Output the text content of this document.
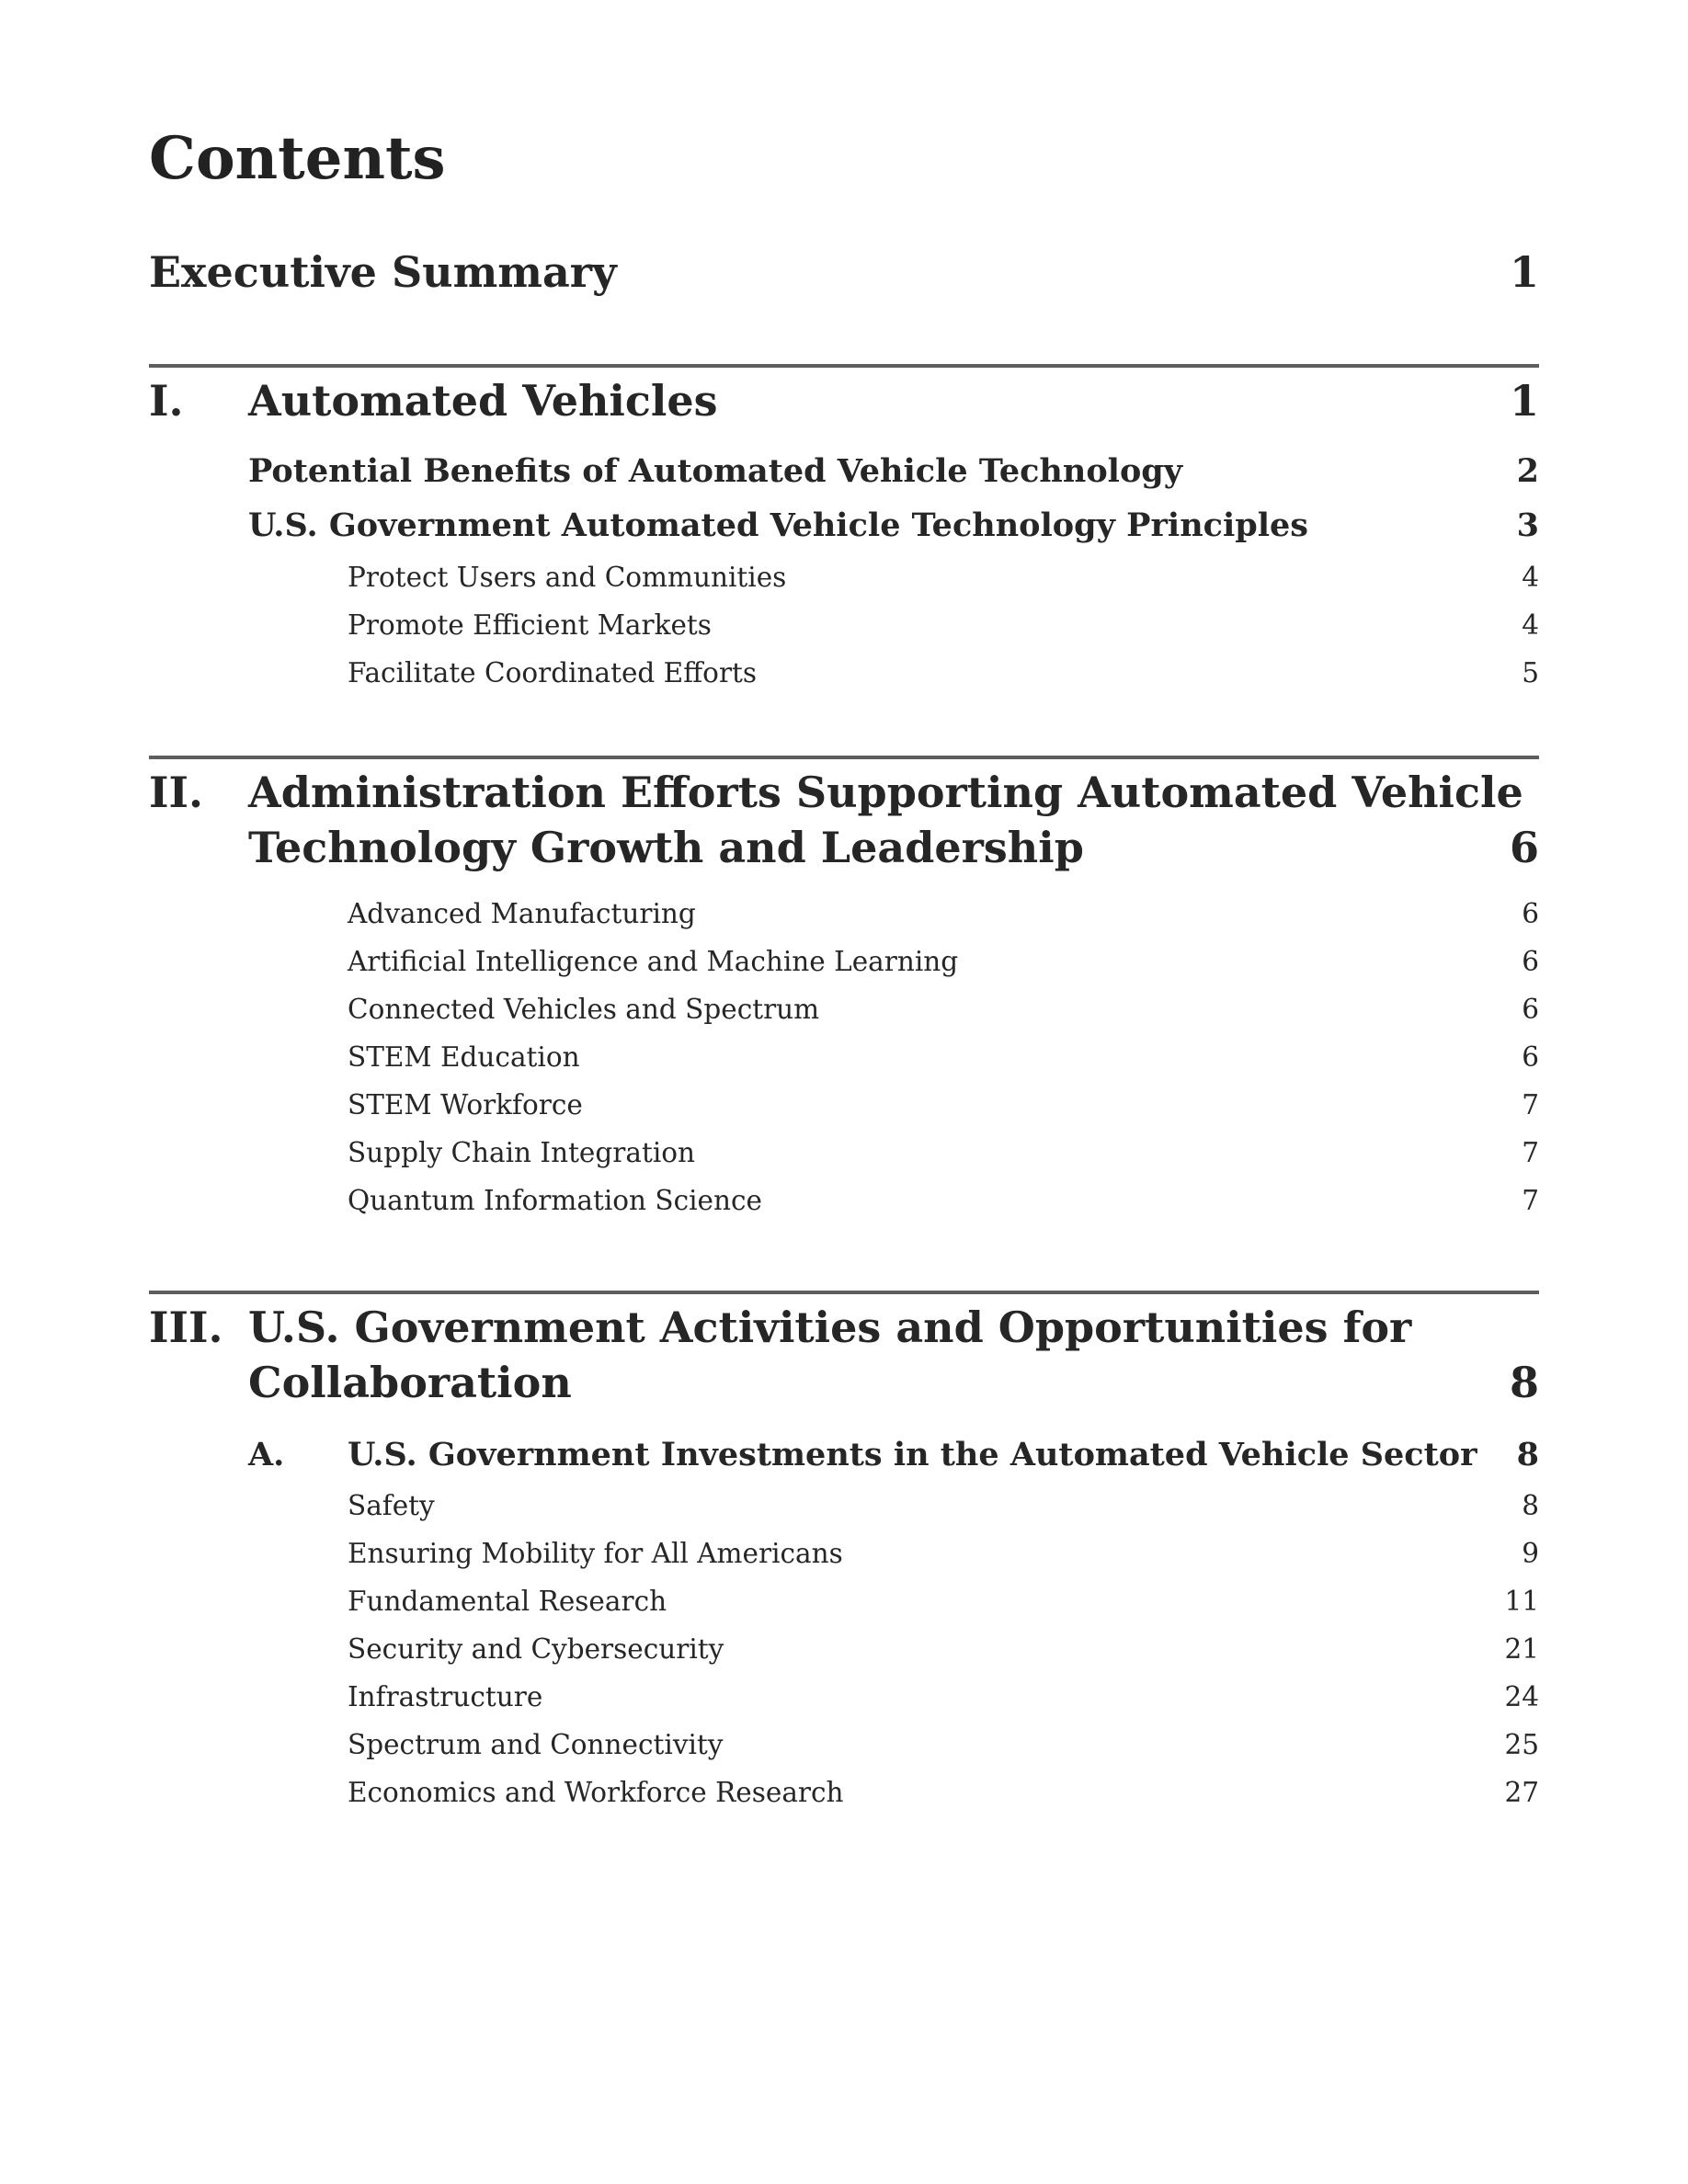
Contents
Executive Summary	1
I.	Automated Vehicles	1
Potential Benefits of Automated Vehicle Technology	2
U.S. Government Automated Vehicle Technology Principles	3
Protect Users and Communities	4
Promote Efficient Markets	4
Facilitate Coordinated Efforts	5
II.	Administration Efforts Supporting Automated Vehicle
Technology Growth and Leadership	6
Advanced Manufacturing	6
Artificial Intelligence and Machine Learning	6
Connected Vehicles and Spectrum	6
STEM Education	6
STEM Workforce	7
Supply Chain Integration	7
Quantum Information Science	7
III. U.S. Government Activities and Opportunities for
Collaboration	8
A.	U.S. Government Investments in the Automated Vehicle Sector	8
Safety	8
Ensuring Mobility for All Americans	9
Fundamental Research	11
Security and Cybersecurity	21
Infrastructure	24
Spectrum and Connectivity	25
Economics and Workforce Research	27
